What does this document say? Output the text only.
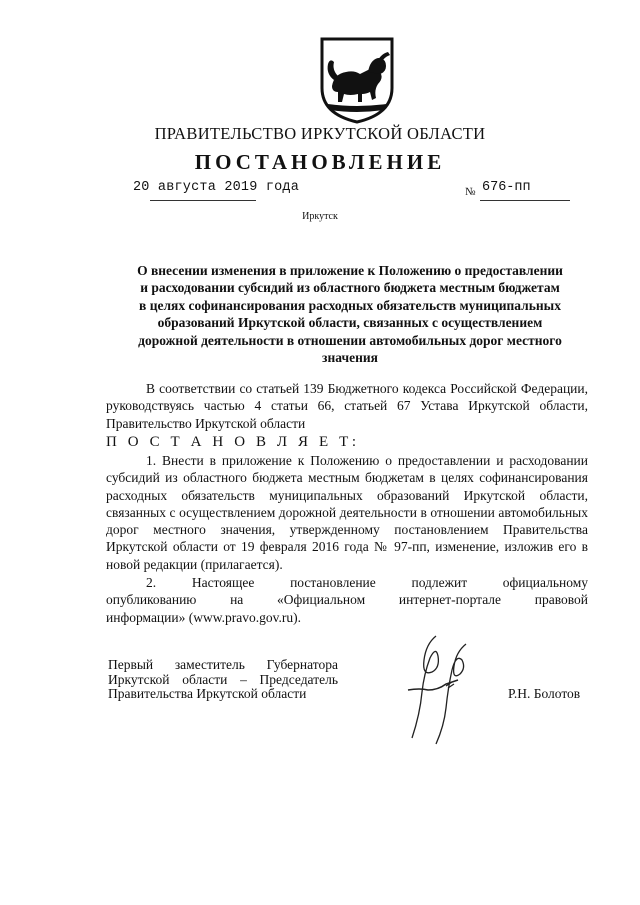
ПРАВИТЕЛЬСТВО ИРКУТСКОЙ ОБЛАСТИ
ПОСТАНОВЛЕНИЕ
20 августа 2019 года	№ 676-пп
Иркутск
О внесении изменения в приложение к Положению о предоставлении
и расходовании субсидий из областного бюджета местным бюджетам
в целях софинансирования расходных обязательств муниципальных
образований Иркутской области, связанных с осуществлением
дорожной деятельности в отношении автомобильных дорог местного
значения
В соответствии со статьей 139 Бюджетного кодекса Российской Федерации, руководствуясь частью 4 статьи 66, статьей 67 Устава Иркутской области, Правительство Иркутской области
П О С Т А Н О В Л Я Е Т:
1. Внести в приложение к Положению о предоставлении и расходовании субсидий из областного бюджета местным бюджетам в целях софинансирования расходных обязательств муниципальных образований Иркутской области, связанных с осуществлением дорожной деятельности в отношении автомобильных дорог местного значения, утвержденному постановлением Правительства Иркутской области от 19 февраля 2016 года № 97-пп, изменение, изложив его в новой редакции (прилагается).
2. Настоящее постановление подлежит официальному
опубликованию на «Официальном интернет-портале правовой
информации» (www.pravo.gov.ru).
Первый заместитель Губернатора
Иркутской области – Председатель
Правительства Иркутской области	Р.Н. Болотов
